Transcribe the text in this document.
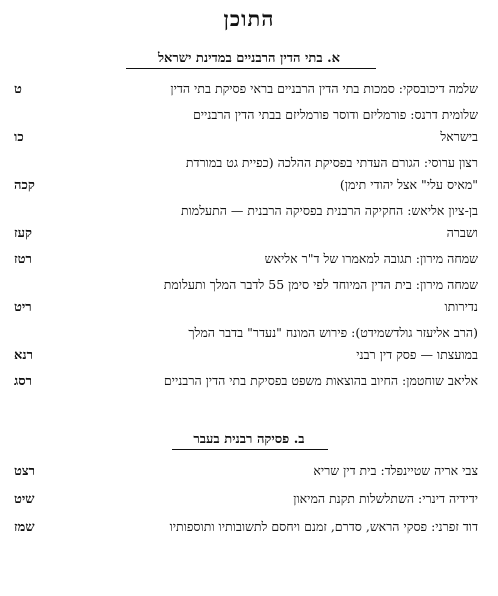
התוכן
א. בתי הדין הרבניים במדינת ישראל
שלמה דיכובסקי: סמכות בתי הדין הרבניים בראי פסיקת בתי הדין
ט
שלומית דרנס: פורמליזם ודוסר פורמליזם בבתי הדין הרבניים
בישראל
כו
רצון ערוסי: הגורם העדתי בפסיקת ההלכה (כפיית גט במורדת
"מאיס עלי" אצל יהודי תימן)
קכה
בן-ציון אליאש: החקיקה הרבנית בפסיקה הרבנית — התעלמות
ושברה
קעז
שמחה מירון: תגובה למאמרו של ד"ר אליאש
רטז
שמחה מירון: בית הדין המיוחד לפי סימן 55 לדבר המלך ותעלומת
נדירותו
ריט
(הרב אליעזר גולדשמידט): פירוש המונח "נעדר" בדבר המלך
במועצתו — פסק דין רבני
רנא
אליאב שוחטמן: החיוב בהוצאות משפט בפסיקת בתי הדין הרבניים
רסג
ב. פסיקה רבנית בעבר
צבי אריה שטיינפלד: בית דין שריא
רצט
ידידיה דינרי: השתלשלות תקנת המיאון
שיט
דוד זפרני: פסקי הראש, סדרם, זמנם ויחסם לתשובותיו ותוספותיו
שמז
